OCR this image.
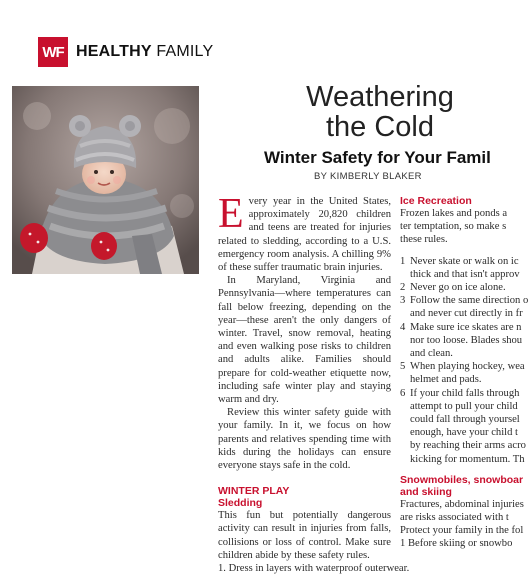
WF HEALTHY FAMILY
Weathering
the Cold
Winter Safety for Your Famil
BY KIMBERLY BLAKER

Every year in the United States, approximately 20,820 children and teens are treated for injuries related to sledding, according to a U.S. emergency room analysis. A chilling 9% of these suffer traumatic brain injuries.

In Maryland, Virginia and Pennsylvania—where temperatures can fall below freezing, depending on the year—these aren't the only dangers of winter. Travel, snow removal, heating and even walking pose risks to children and adults alike. Families should prepare for cold-weather etiquette now, including safe winter play and staying warm and dry.

Review this winter safety guide with your family. In it, we focus on how parents and relatives spending time with kids during the holidays can ensure everyone stays safe in the cold.

WINTER PLAY
Sledding

This fun but potentially dangerous activity can result in injuries from falls, collisions or loss of control. Make sure children abide by these safety rules.

1. Dress in layers with waterproof outerwear.

Ice Recreation
Frozen lakes and ponds a
ter temptation, so make s
these rules.
1 Never skate or walk on ic
thick and that isn't approv
2 Never go on ice alone.
3 Follow the same direction o
and never cut directly in fr
4 Make sure ice skates are n
nor too loose. Blades shou
and clean.
5 When playing hockey, wea
helmet and pads.
6 If your child falls through
attempt to pull your child
could fall through yoursel
enough, have your child t
by reaching their arms acro
kicking for momentum. Th
Snowmobiles, snowboar
and skiing
Fractures, abdominal injuries
are risks associated with t
Protect your family in the fol
1 Before skiing or snowbo
